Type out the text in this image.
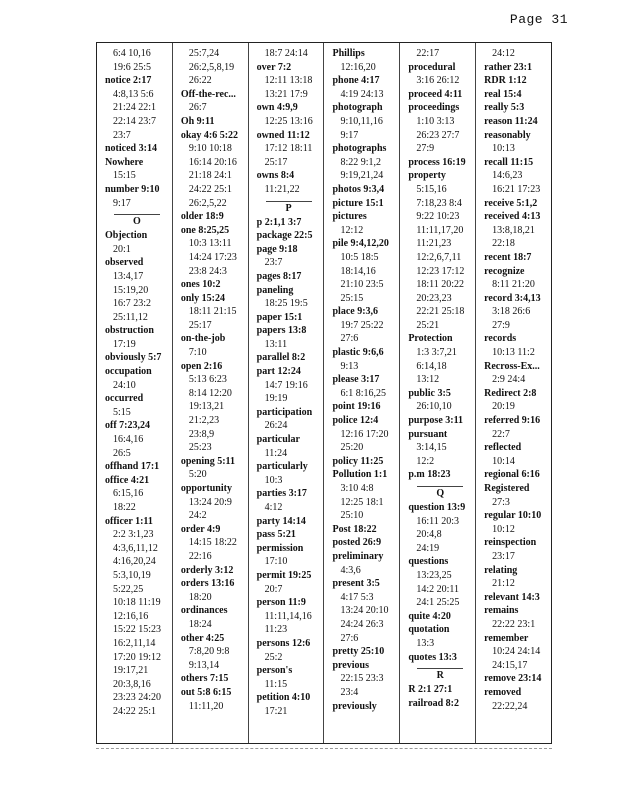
Page 31
6:4 10,16
19:6 25:5
notice 2:17
4:8,13 5:6
21:24 22:1
22:14 23:7
23:7
noticed 3:14
Nowhere
15:15
number 9:10
9:17
O
Objection
20:1
observed
13:4,17
15:19,20
16:7 23:2
25:11,12
obstruction
17:19
obviously 5:7
occupation
24:10
occurred
5:15
off 7:23,24
16:4,16
26:5
offhand 17:1
office 4:21
6:15,16
18:22
officer 1:11
2:2 3:1,23
4:3,6,11,12
4:16,20,24
5:3,10,19
5:22,25
10:18 11:19
12:16,16
15:22 15:23
16:2,11,14
17:20 19:12
19:17,21
20:3,8,16
23:23 24:20
24:22 25:1
25:7,24
26:2,5,8,19
26:22
Off-the-rec...
26:7
Oh 9:11
okay 4:6 5:22
9:10 10:18
16:14 20:16
21:18 24:1
24:22 25:1
26:2,5,22
older 18:9
one 8:25,25
10:3 13:11
14:24 17:23
23:8 24:3
ones 10:2
only 15:24
18:11 21:15
25:17
on-the-job
7:10
open 2:16
5:13 6:23
8:14 12:20
19:13,21
21:2,23
23:8,9
25:23
opening 5:11
5:20
opportunity
13:24 20:9
24:2
order 4:9
14:15 18:22
22:16
orderly 3:12
orders 13:16
18:20
ordinances
18:24
other 4:25
7:8,20 9:8
9:13,14
others 7:15
out 5:8 6:15
11:11,20
18:7 24:14
over 7:2
12:11 13:18
13:21 17:9
own 4:9,9
12:25 13:16
owned 11:12
17:12 18:11
25:17
owns 8:4
11:21,22
P
p 2:1,1 3:7
package 22:5
page 9:18
23:7
pages 8:17
paneling
18:25 19:5
paper 15:1
papers 13:8
13:11
parallel 8:2
part 12:24
14:7 19:16
19:19
participation
26:24
particular
11:24
particularly
10:3
parties 3:17
4:12
party 14:14
pass 5:21
permission
17:10
permit 19:25
20:7
person 11:9
11:11,14,16
11:23
persons 12:6
25:2
person's
11:15
petition 4:10
17:21
Phillips
12:16,20
phone 4:17
4:19 24:13
photograph
9:10,11,16
9:17
photographs
8:22 9:1,2
9:19,21,24
photos 9:3,4
picture 15:1
pictures
12:12
pile 9:4,12,20
10:5 18:5
18:14,16
21:10 23:5
25:15
place 9:3,6
19:7 25:22
27:6
plastic 9:6,6
9:13
please 3:17
6:1 8:16,25
point 19:16
police 12:4
12:16 17:20
25:20
policy 11:25
Pollution 1:1
3:10 4:8
12:25 18:1
25:10
Post 18:22
posted 26:9
preliminary
4:3,6
present 3:5
4:17 5:3
13:24 20:10
24:24 26:3
27:6
pretty 25:10
previous
22:15 23:3
23:4
previously
22:17
procedural
3:16 26:12
proceed 4:11
proceedings
1:10 3:13
26:23 27:7
27:9
process 16:19
property
5:15,16
7:18,23 8:4
9:22 10:23
11:11,17,20
11:21,23
12:2,6,7,11
12:23 17:12
18:11 20:22
20:23,23
22:21 25:18
25:21
Protection
1:3 3:7,21
6:14,18
13:12
public 3:5
26:10,10
purpose 3:11
pursuant
3:14,15
12:2
p.m 18:23
Q
question 13:9
16:11 20:3
20:4,8
24:19
questions
13:23,25
14:2 20:11
24:1 25:25
quite 4:20
quotation
13:3
quotes 13:3
R
R 2:1 27:1
railroad 8:2
24:12
rather 23:1
RDR 1:12
real 15:4
really 5:3
reason 11:24
reasonably
10:13
recall 11:15
14:6,23
16:21 17:23
receive 5:1,2
received 4:13
13:8,18,21
22:18
recent 18:7
recognize
8:11 21:20
record 3:4,13
3:18 26:6
27:9
records
10:13 11:2
Recross-Ex...
2:9 24:4
Redirect 2:8
20:19
referred 9:16
22:7
reflected
10:14
regional 6:16
Registered
27:3
regular 10:10
10:12
reinspection
23:17
relating
21:12
relevant 14:3
remains
22:22 23:1
remember
10:24 24:14
24:15,17
remove 23:14
removed
22:22,24
